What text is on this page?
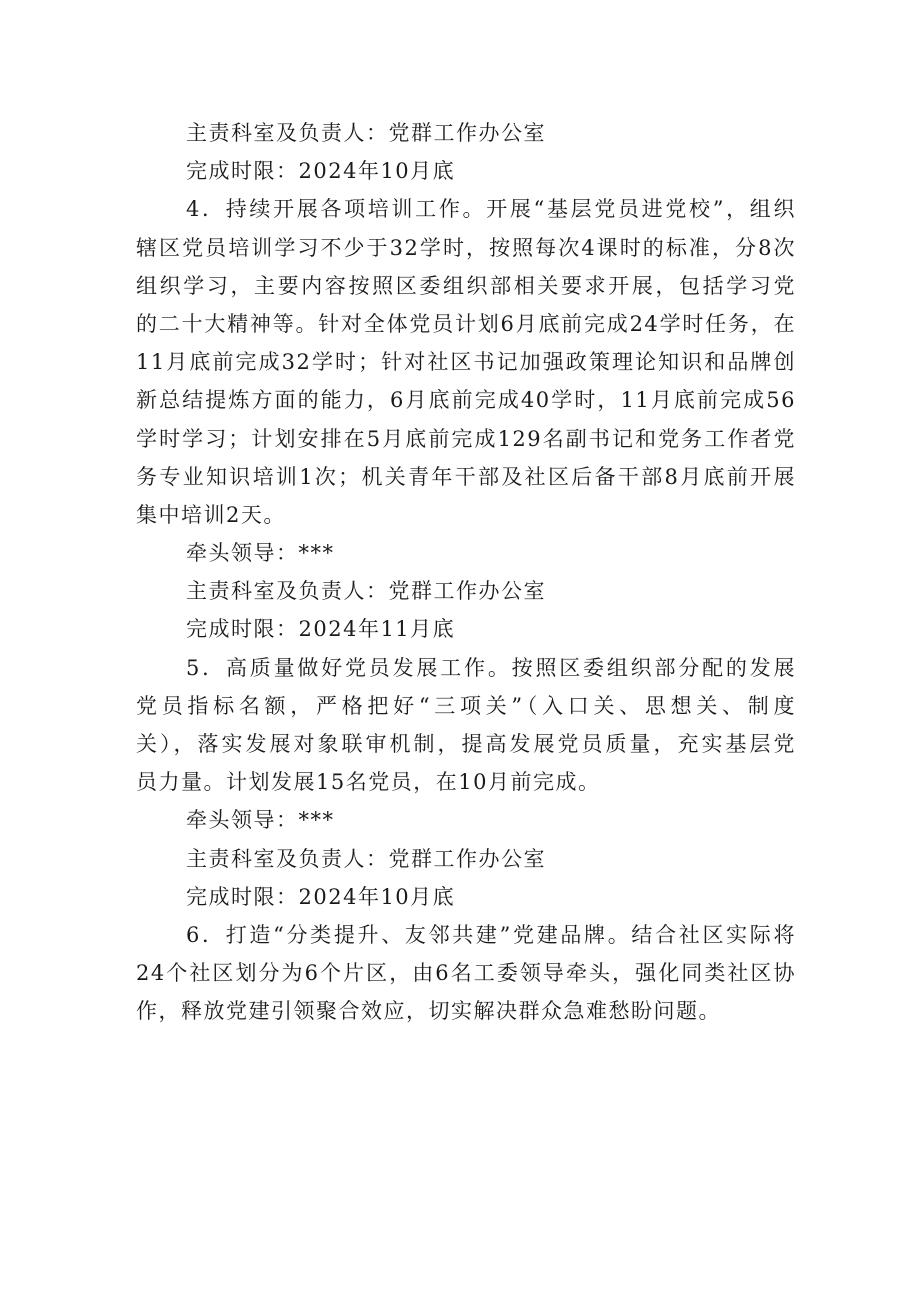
主责科室及负责人：党群工作办公室
完成时限：2024年10月底
4．持续开展各项培训工作。开展“基层党员进党校”，组织
辖区党员培训学习不少于32学时，按照每次4课时的标准，分8次
组织学习，主要内容按照区委组织部相关要求开展，包括学习党
的二十大精神等。针对全体党员计划6月底前完成24学时任务，在
11月底前完成32学时；针对社区书记加强政策理论知识和品牌创
新总结提炼方面的能力，6月底前完成40学时，11月底前完成56
学时学习；计划安排在5月底前完成129名副书记和党务工作者党
务专业知识培训1次；机关青年干部及社区后备干部8月底前开展
集中培训2天。
牵头领导：***
主责科室及负责人：党群工作办公室
完成时限：2024年11月底
5．高质量做好党员发展工作。按照区委组织部分配的发展
党员指标名额，严格把好“三项关”（入口关、思想关、制度
关），落实发展对象联审机制，提高发展党员质量，充实基层党
员力量。计划发展15名党员，在10月前完成。
牵头领导：***
主责科室及负责人：党群工作办公室
完成时限：2024年10月底
6．打造“分类提升、友邻共建”党建品牌。结合社区实际将
24个社区划分为6个片区，由6名工委领导牵头，强化同类社区协
作，释放党建引领聚合效应，切实解决群众急难愁盼问题。
